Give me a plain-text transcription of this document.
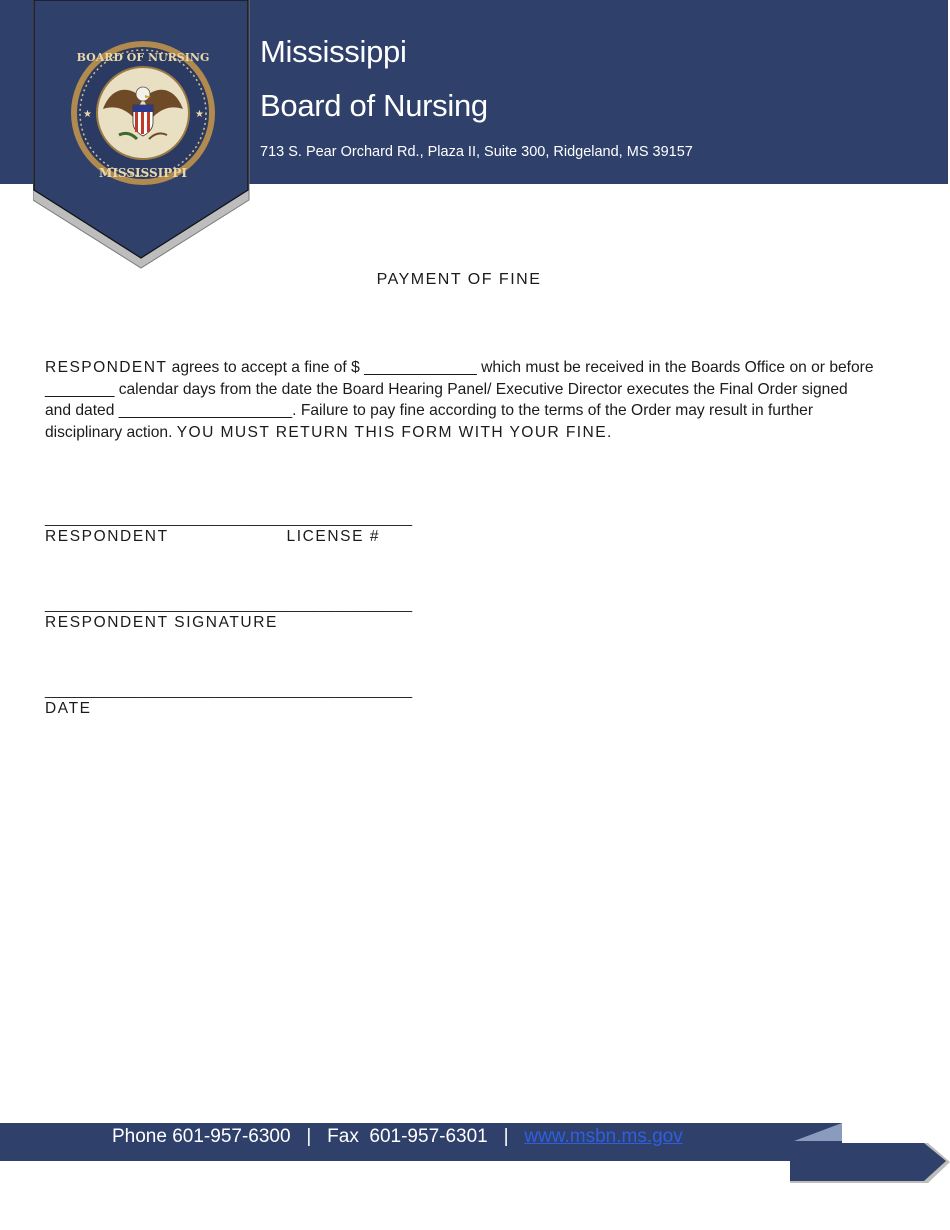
BOARD OF NURSING
MISSISSIPPI
★	★
Mississippi
Board of Nursing
713 S. Pear Orchard Rd., Plaza II, Suite 300, Ridgeland, MS 39157
PAYMENT OF FINE
RESPONDENT agrees to accept a fine of $ _____________ which must be received in the Boards Office on or before ________ calendar days from the date the Board Hearing Panel/ Executive Director executes the Final Order signed and dated ____________________. Failure to pay fine according to the terms of the Order may result in further disciplinary action. YOU MUST RETURN THIS FORM WITH YOUR FINE.
___________________________________________
RESPONDENT                    LICENSE #
___________________________________________
RESPONDENT SIGNATURE
___________________________________________
DATE
Phone 601-957-6300 | Fax  601-957-6301 | www.msbn.ms.gov
